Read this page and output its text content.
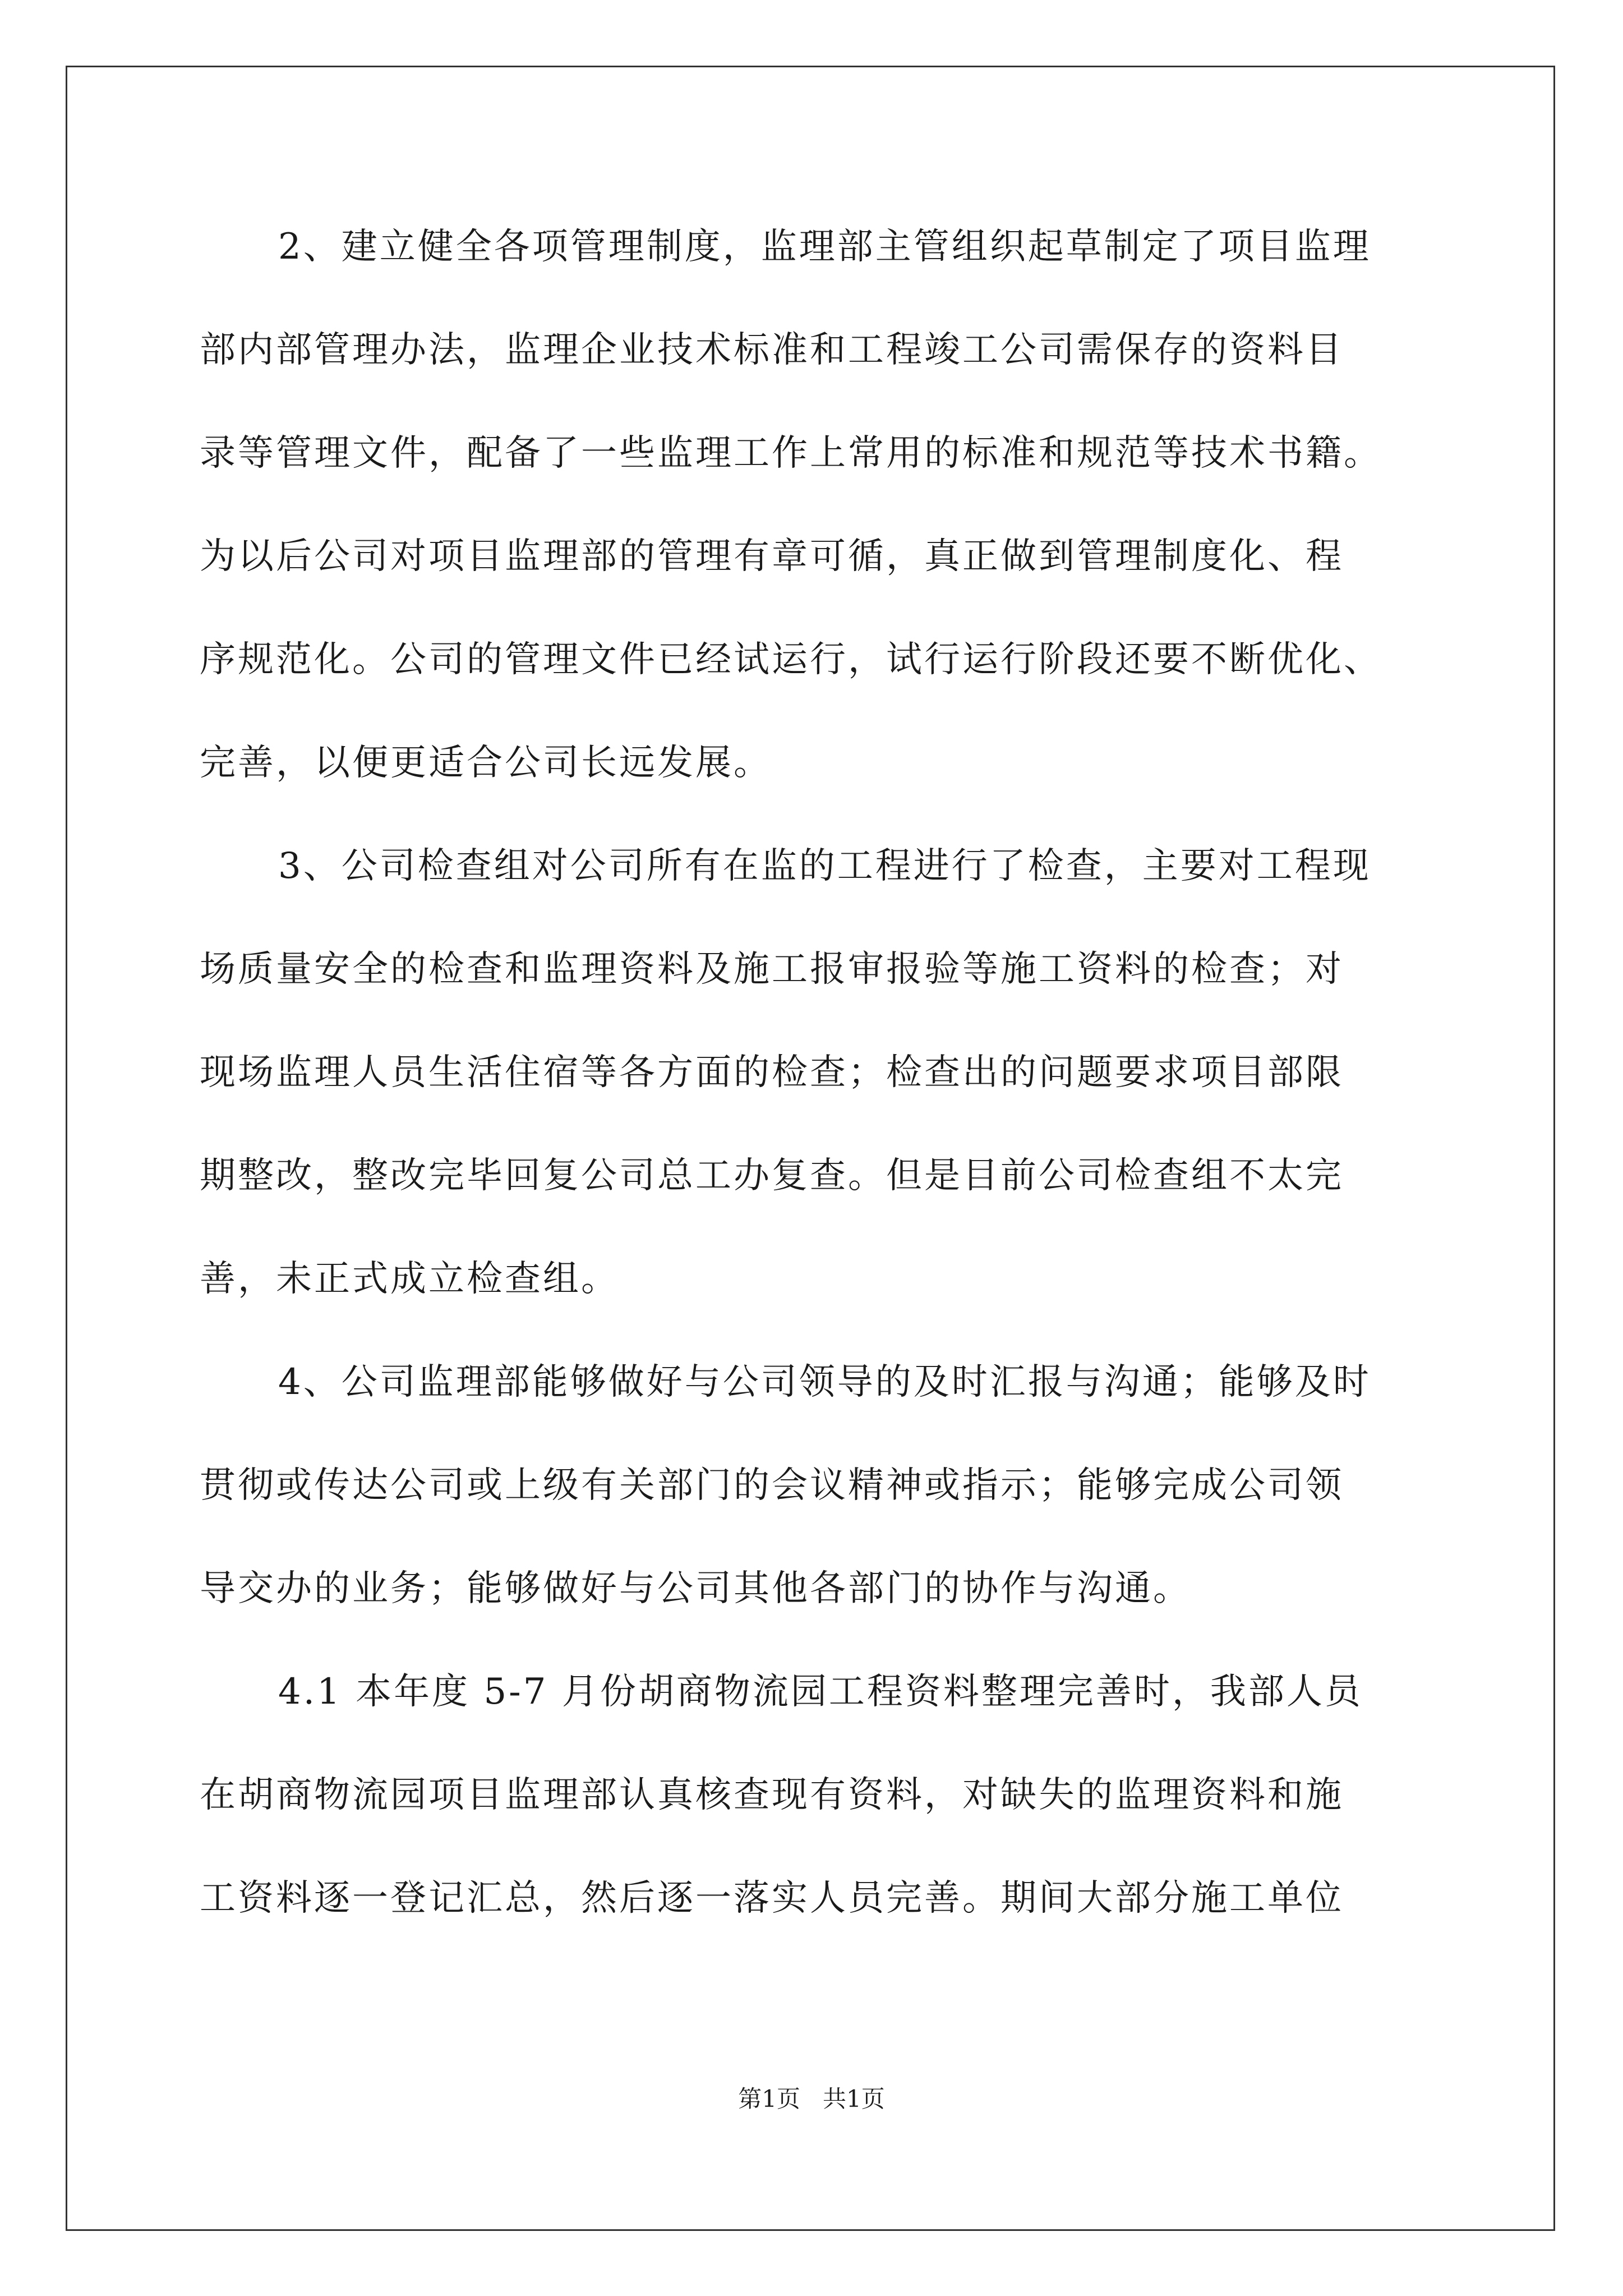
2、建立健全各项管理制度，监理部主管组织起草制定了项目监理
部内部管理办法，监理企业技术标准和工程竣工公司需保存的资料目
录等管理文件，配备了一些监理工作上常用的标准和规范等技术书籍。
为以后公司对项目监理部的管理有章可循，真正做到管理制度化、程
序规范化。公司的管理文件已经试运行，试行运行阶段还要不断优化、
完善，以便更适合公司长远发展。
3、公司检查组对公司所有在监的工程进行了检查，主要对工程现
场质量安全的检查和监理资料及施工报审报验等施工资料的检查；对
现场监理人员生活住宿等各方面的检查；检查出的问题要求项目部限
期整改，整改完毕回复公司总工办复查。但是目前公司检查组不太完
善，未正式成立检查组。
4、公司监理部能够做好与公司领导的及时汇报与沟通；能够及时
贯彻或传达公司或上级有关部门的会议精神或指示；能够完成公司领
导交办的业务；能够做好与公司其他各部门的协作与沟通。
4.1 本年度 5-7 月份胡商物流园工程资料整理完善时，我部人员
在胡商物流园项目监理部认真核查现有资料，对缺失的监理资料和施
工资料逐一登记汇总，然后逐一落实人员完善。期间大部分施工单位
第1页   共1页
